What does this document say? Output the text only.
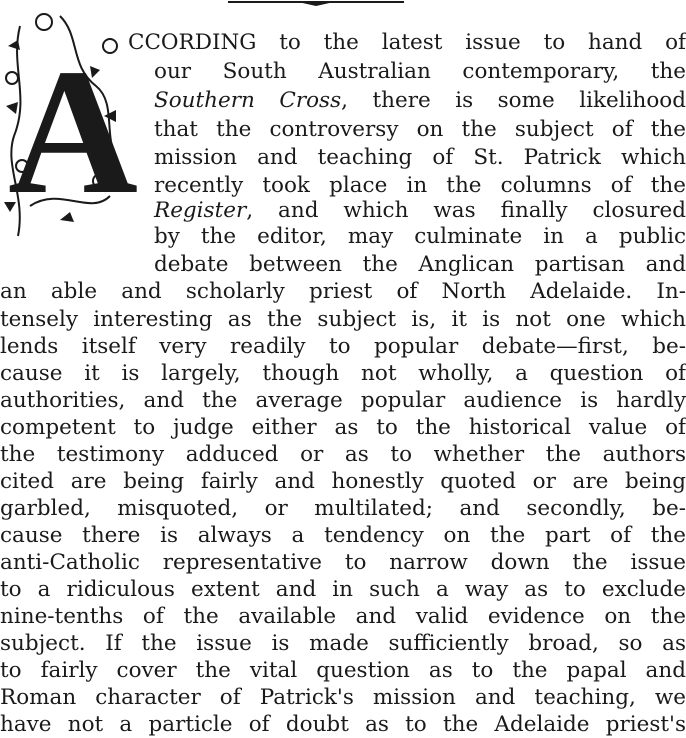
A
CCORDING to the latest issue to hand of
our South Australian contemporary, the
Southern Cross, there is some likelihood
that the controversy on the subject of the
mission and teaching of St. Patrick which
recently took place in the columns of the
Register, and which was finally closured
by the editor, may culminate in a public
debate between the Anglican partisan and
an able and scholarly priest of North Adelaide. In-
tensely interesting as the subject is, it is not one which
lends itself very readily to popular debate—first, be-
cause it is largely, though not wholly, a question of
authorities, and the average popular audience is hardly
competent to judge either as to the historical value of
the testimony adduced or as to whether the authors
cited are being fairly and honestly quoted or are being
garbled, misquoted, or multilated; and secondly, be-
cause there is always a tendency on the part of the
anti-Catholic representative to narrow down the issue
to a ridiculous extent and in such a way as to exclude
nine-tenths of the available and valid evidence on the
subject. If the issue is made sufficiently broad, so as
to fairly cover the vital question as to the papal and
Roman character of Patrick's mission and teaching, we
have not a particle of doubt as to the Adelaide priest's
